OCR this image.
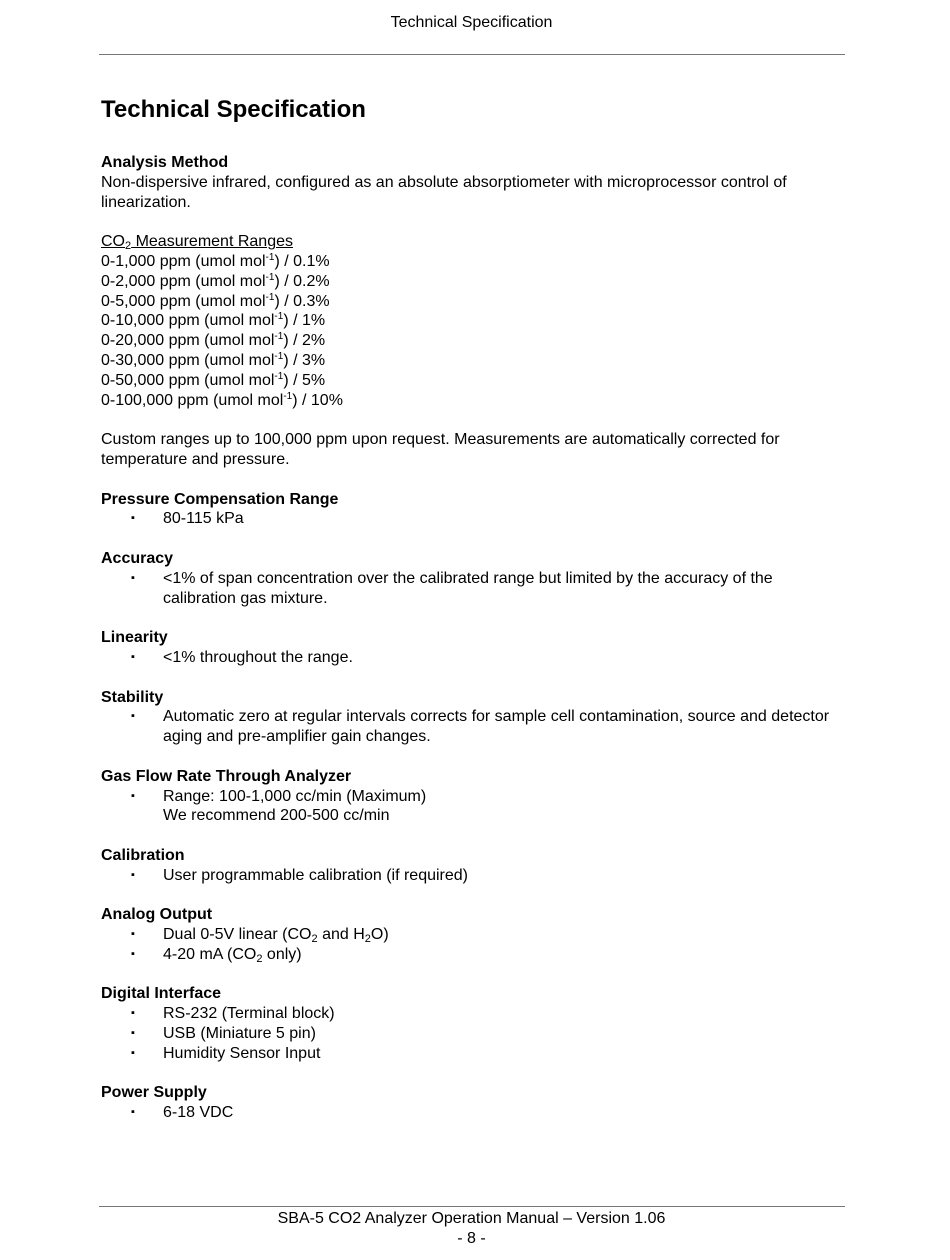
Technical Specification
Technical Specification
Analysis Method
Non-dispersive infrared, configured as an absolute absorptiometer with microprocessor control of linearization.
$CO_2$ Measurement Ranges
0-1,000 ppm (umol mol$^{-1}$) / 0.1%
0-2,000 ppm (umol mol$^{-1}$) / 0.2%
0-5,000 ppm (umol mol$^{-1}$) / 0.3%
0-10,000 ppm (umol mol$^{-1}$) / 1%
0-20,000 ppm (umol mol$^{-1}$) / 2%
0-30,000 ppm (umol mol$^{-1}$) / 3%
0-50,000 ppm (umol mol$^{-1}$) / 5%
0-100,000 ppm (umol mol$^{-1}$) / 10%
Custom ranges up to 100,000 ppm upon request. Measurements are automatically corrected for temperature and pressure.
Pressure Compensation Range
▪ 80-115 kPa
Accuracy
▪ <1% of span concentration over the calibrated range but limited by the accuracy of the calibration gas mixture.
Linearity
▪ <1% throughout the range.
Stability
▪ Automatic zero at regular intervals corrects for sample cell contamination, source and detector aging and pre-amplifier gain changes.
Gas Flow Rate Through Analyzer
▪ Range: 100-1,000 cc/min (Maximum)
We recommend 200-500 cc/min
Calibration
▪ User programmable calibration (if required)
Analog Output
▪ Dual 0-5V linear ($CO_2$ and $H_2O$)
▪ 4-20 mA ($CO_2$ only)
Digital Interface
▪ RS-232 (Terminal block)
▪ USB (Miniature 5 pin)
▪ Humidity Sensor Input
Power Supply
▪ 6-18 VDC
SBA-5 CO2 Analyzer Operation Manual – Version 1.06
- 8 -
